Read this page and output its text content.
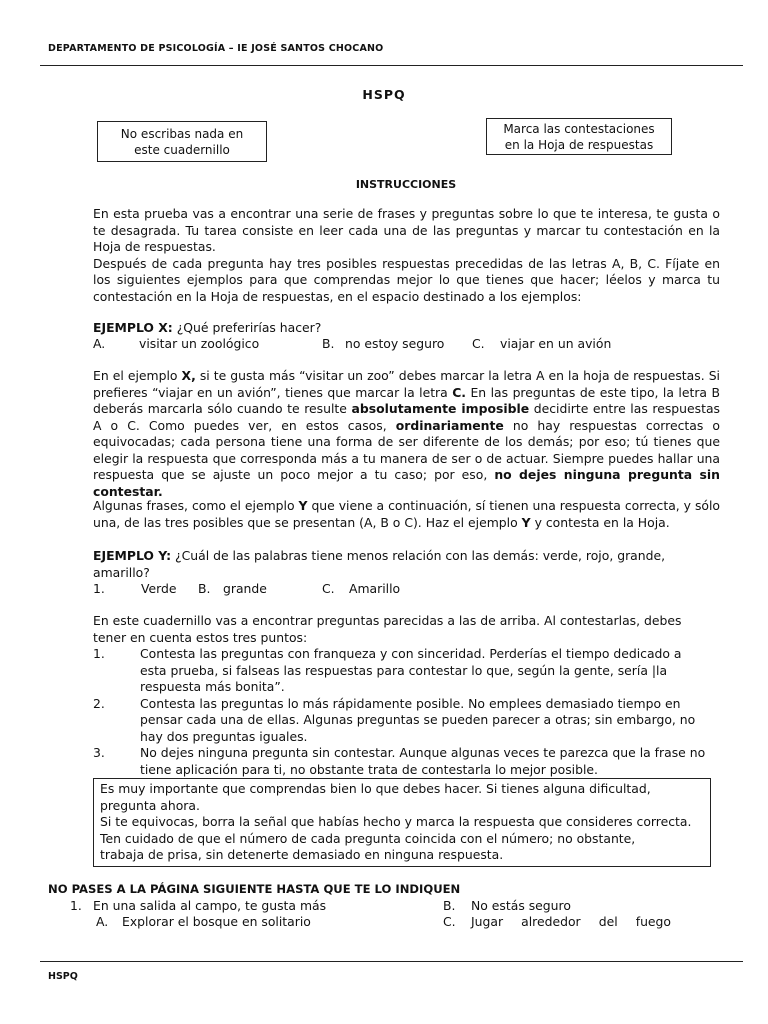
DEPARTAMENTO DE PSICOLOGÍA – IE JOSÉ SANTOS CHOCANO
HSPQ
No escribas nada en
este cuadernillo
Marca las contestaciones
en la Hoja de respuestas
INSTRUCCIONES
En esta prueba vas a encontrar una serie de frases y preguntas sobre lo que te interesa, te gusta o te desagrada. Tu tarea consiste en leer cada una de las preguntas y marcar tu contestación en la Hoja de respuestas.
Después de cada pregunta hay tres posibles respuestas precedidas de las letras A, B, C. Fíjate en los siguientes ejemplos para que comprendas mejor lo que tienes que hacer; léelos y marca tu contestación en la Hoja de respuestas, en el espacio destinado a los ejemplos:
EJEMPLO X: ¿Qué preferirías hacer?
A.	visitar un zoológico	B. no estoy seguro C. viajar en un avión
En el ejemplo X, si te gusta más “visitar un zoo” debes marcar la letra A en la hoja de respuestas. Si prefieres “viajar en un avión”, tienes que marcar la letra C. En las preguntas de este tipo, la letra B deberás marcarla sólo cuando te resulte absolutamente imposible decidirte entre las respuestas A o C. Como puedes ver, en estos casos, ordinariamente no hay respuestas correctas o equivocadas; cada persona tiene una forma de ser diferente de los demás; por eso; tú tienes que elegir la respuesta que corresponda más a tu manera de ser o de actuar. Siempre puedes hallar una respuesta que se ajuste un poco mejor a tu caso; por eso, no dejes ninguna pregunta sin contestar.
Algunas frases, como el ejemplo Y que viene a continuación, sí tienen una respuesta correcta, y sólo una, de las tres posibles que se presentan (A, B o C). Haz el ejemplo Y y contesta en la Hoja.
EJEMPLO Y: ¿Cuál de las palabras tiene menos relación con las demás: verde, rojo, grande, amarillo?
1.	Verde B. grande	C. Amarillo
En este cuadernillo vas a encontrar preguntas parecidas a las de arriba. Al contestarlas, debes tener en cuenta estos tres puntos:
1.	Contesta las preguntas con franqueza y con sinceridad. Perderías el tiempo dedicado a
esta prueba, si falseas las respuestas para contestar lo que, según la gente, sería |la
respuesta más bonita”.
2.	Contesta las preguntas lo más rápidamente posible. No emplees demasiado tiempo en
pensar cada una de ellas. Algunas preguntas se pueden parecer a otras; sin embargo, no
hay dos preguntas iguales.
3.	No dejes ninguna pregunta sin contestar. Aunque algunas veces te parezca que la frase no
tiene aplicación para ti, no obstante trata de contestarla lo mejor posible.
Es muy importante que comprendas bien lo que debes hacer. Si tienes alguna dificultad,
pregunta ahora.
Si te equivocas, borra la señal que habías hecho y marca la respuesta que consideres correcta.
Ten cuidado de que el número de cada pregunta coincida con el número; no obstante,
trabaja de prisa, sin detenerte demasiado en ninguna respuesta.
NO PASES A LA PÁGINA SIGUIENTE HASTA QUE TE LO INDIQUEN
1. En una salida al campo, te gusta más
A. Explorar el bosque en solitario
B. No estás seguro
C. Jugar alrededor del fuego
HSPQ
